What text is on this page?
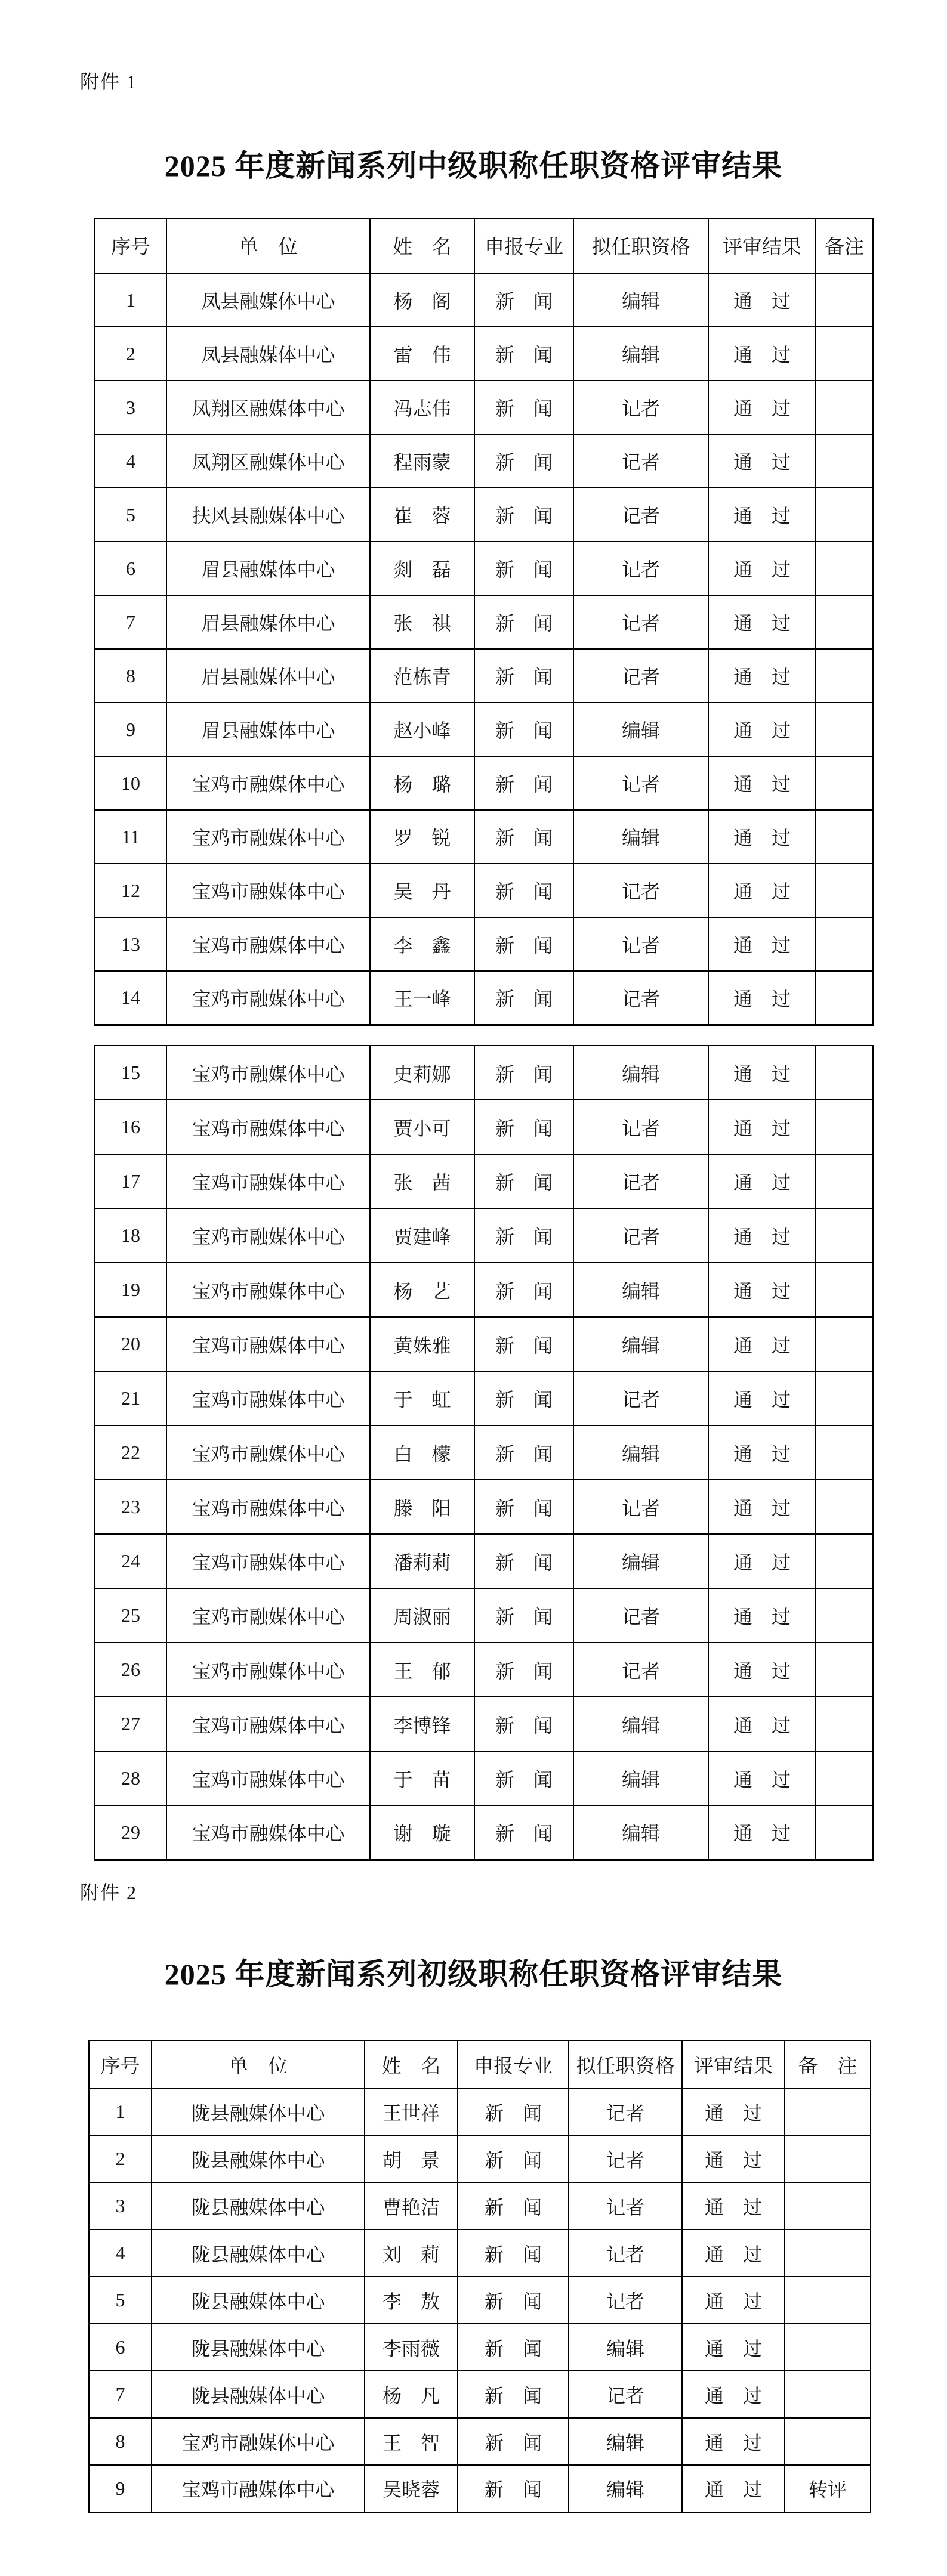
附件 1
2025 年度新闻系列中级职称任职资格评审结果
序号	单　位	姓　名	申报专业	拟任职资格	评审结果	备注
1	凤县融媒体中心	杨　阁	新　闻	编辑	通　过	
2	凤县融媒体中心	雷　伟	新　闻	编辑	通　过	
3	凤翔区融媒体中心	冯志伟	新　闻	记者	通　过	
4	凤翔区融媒体中心	程雨蒙	新　闻	记者	通　过	
5	扶风县融媒体中心	崔　蓉	新　闻	记者	通　过	
6	眉县融媒体中心	剡　磊	新　闻	记者	通　过	
7	眉县融媒体中心	张　祺	新　闻	记者	通　过	
8	眉县融媒体中心	范栋青	新　闻	记者	通　过	
9	眉县融媒体中心	赵小峰	新　闻	编辑	通　过	
10	宝鸡市融媒体中心	杨　璐	新　闻	记者	通　过	
11	宝鸡市融媒体中心	罗　锐	新　闻	编辑	通　过	
12	宝鸡市融媒体中心	吴　丹	新　闻	记者	通　过	
13	宝鸡市融媒体中心	李　鑫	新　闻	记者	通　过	
14	宝鸡市融媒体中心	王一峰	新　闻	记者	通　过	
15	宝鸡市融媒体中心	史莉娜	新　闻	编辑	通　过	
16	宝鸡市融媒体中心	贾小可	新　闻	记者	通　过	
17	宝鸡市融媒体中心	张　茜	新　闻	记者	通　过	
18	宝鸡市融媒体中心	贾建峰	新　闻	记者	通　过	
19	宝鸡市融媒体中心	杨　艺	新　闻	编辑	通　过	
20	宝鸡市融媒体中心	黄姝雅	新　闻	编辑	通　过	
21	宝鸡市融媒体中心	于　虹	新　闻	记者	通　过	
22	宝鸡市融媒体中心	白　檬	新　闻	编辑	通　过	
23	宝鸡市融媒体中心	滕　阳	新　闻	记者	通　过	
24	宝鸡市融媒体中心	潘莉莉	新　闻	编辑	通　过	
25	宝鸡市融媒体中心	周淑丽	新　闻	记者	通　过	
26	宝鸡市融媒体中心	王　郁	新　闻	记者	通　过	
27	宝鸡市融媒体中心	李博锋	新　闻	编辑	通　过	
28	宝鸡市融媒体中心	于　苗	新　闻	编辑	通　过	
29	宝鸡市融媒体中心	谢　璇	新　闻	编辑	通　过	
附件 2
2025 年度新闻系列初级职称任职资格评审结果
序号	单　位	姓　名	申报专业	拟任职资格	评审结果	备　注
1	陇县融媒体中心	王世祥	新　闻	记者	通　过	
2	陇县融媒体中心	胡　景	新　闻	记者	通　过	
3	陇县融媒体中心	曹艳洁	新　闻	记者	通　过	
4	陇县融媒体中心	刘　莉	新　闻	记者	通　过	
5	陇县融媒体中心	李　敖	新　闻	记者	通　过	
6	陇县融媒体中心	李雨薇	新　闻	编辑	通　过	
7	陇县融媒体中心	杨　凡	新　闻	记者	通　过	
8	宝鸡市融媒体中心	王　智	新　闻	编辑	通　过	
9	宝鸡市融媒体中心	吴晓蓉	新　闻	编辑	通　过	转评
